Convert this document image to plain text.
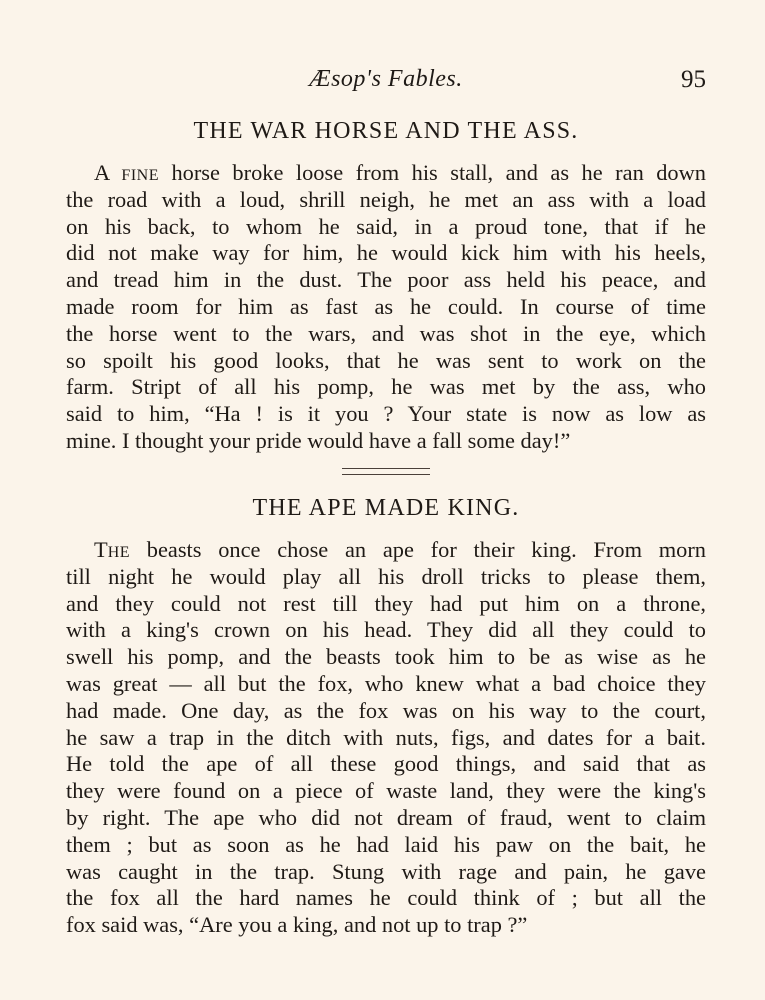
Æsop's Fables.	95
THE WAR HORSE AND THE ASS.
A fine horse broke loose from his stall, and as he ran down
the road with a loud, shrill neigh, he met an ass with a load
on his back, to whom he said, in a proud tone, that if he
did not make way for him, he would kick him with his heels,
and tread him in the dust. The poor ass held his peace, and
made room for him as fast as he could. In course of time
the horse went to the wars, and was shot in the eye, which
so spoilt his good looks, that he was sent to work on the
farm. Stript of all his pomp, he was met by the ass, who
said to him, “Ha ! is it you ? Your state is now as low as
mine. I thought your pride would have a fall some day!”
THE APE MADE KING.
The beasts once chose an ape for their king. From morn
till night he would play all his droll tricks to please them,
and they could not rest till they had put him on a throne,
with a king's crown on his head. They did all they could to
swell his pomp, and the beasts took him to be as wise as he
was great — all but the fox, who knew what a bad choice they
had made. One day, as the fox was on his way to the court,
he saw a trap in the ditch with nuts, figs, and dates for a bait.
He told the ape of all these good things, and said that as
they were found on a piece of waste land, they were the king's
by right. The ape who did not dream of fraud, went to claim
them ; but as soon as he had laid his paw on the bait, he
was caught in the trap. Stung with rage and pain, he gave
the fox all the hard names he could think of ; but all the
fox said was, “Are you a king, and not up to trap ?”
